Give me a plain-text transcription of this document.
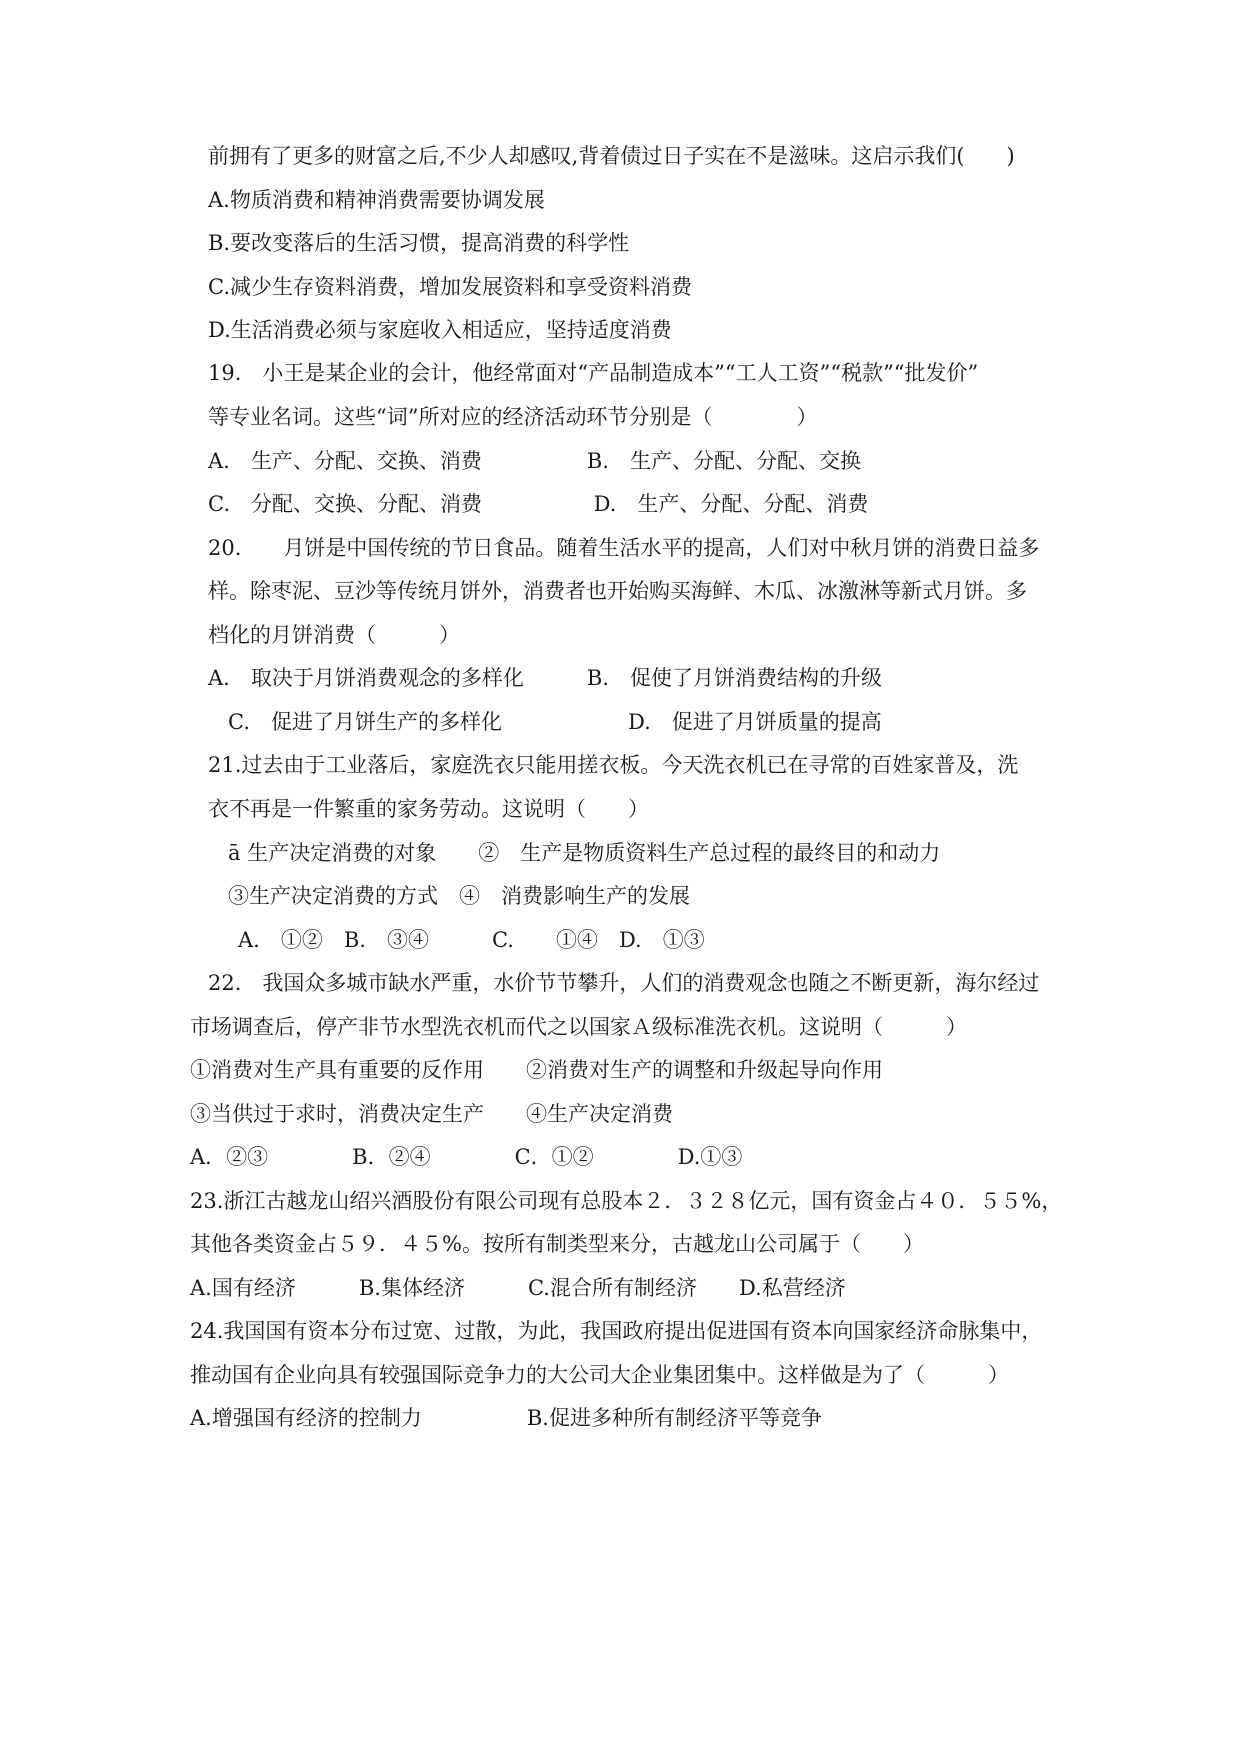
前拥有了更多的财富之后,不少人却感叹,背着债过日子实在不是滋味。这启示我们(　　)
A.物质消费和精神消费需要协调发展
B.要改变落后的生活习惯，提高消费的科学性
C.减少生存资料消费，增加发展资料和享受资料消费
D.生活消费必须与家庭收入相适应，坚持适度消费
19.　小王是某企业的会计，他经常面对“产品制造成本”“工人工资”“税款”“批发价”
等专业名词。这些“词”所对应的经济活动环节分别是（　　　　）
A.　生产、分配、交换、消费　　　　　B.　生产、分配、分配、交换
C.　分配、交换、分配、消费　　　　　 D.　生产、分配、分配、消费
20.　　月饼是中国传统的节日食品。随着生活水平的提高，人们对中秋月饼的消费日益多
样。除枣泥、豆沙等传统月饼外，消费者也开始购买海鲜、木瓜、冰激淋等新式月饼。多
档化的月饼消费（　　　）
A.　取决于月饼消费观念的多样化　　　B.　促使了月饼消费结构的升级
C.　促进了月饼生产的多样化　　　　　　D.　促进了月饼质量的提高
21.过去由于工业落后，家庭洗衣只能用搓衣板。今天洗衣机已在寻常的百姓家普及，洗
衣不再是一件繁重的家务劳动。这说明（　　）
ā 生产决定消费的对象　　②　生产是物质资料生产总过程的最终目的和动力
③生产决定消费的方式　④　消费影响生产的发展
A.　①②　B.　③④　　　C.　　①④　D.　①③
22.　我国众多城市缺水严重，水价节节攀升，人们的消费观念也随之不断更新，海尔经过
市场调查后，停产非节水型洗衣机而代之以国家Ａ级标准洗衣机。这说明（　　　）
①消费对生产具有重要的反作用　　②消费对生产的调整和升级起导向作用
③当供过于求时，消费决定生产　　④生产决定消费
A．②③　　　　B．②④　　　　C．①②　　　　D.①③
23.浙江古越龙山绍兴酒股份有限公司现有总股本２．３２８亿元，国有资金占４０．５５%，
其他各类资金占５９．４５%。按所有制类型来分，古越龙山公司属于（　　）
A.国有经济　　　B.集体经济　　　C.混合所有制经济　　D.私营经济
24.我国国有资本分布过宽、过散，为此，我国政府提出促进国有资本向国家经济命脉集中，
推动国有企业向具有较强国际竞争力的大公司大企业集团集中。这样做是为了（　　　）
A.增强国有经济的控制力　　　　　B.促进多种所有制经济平等竞争
